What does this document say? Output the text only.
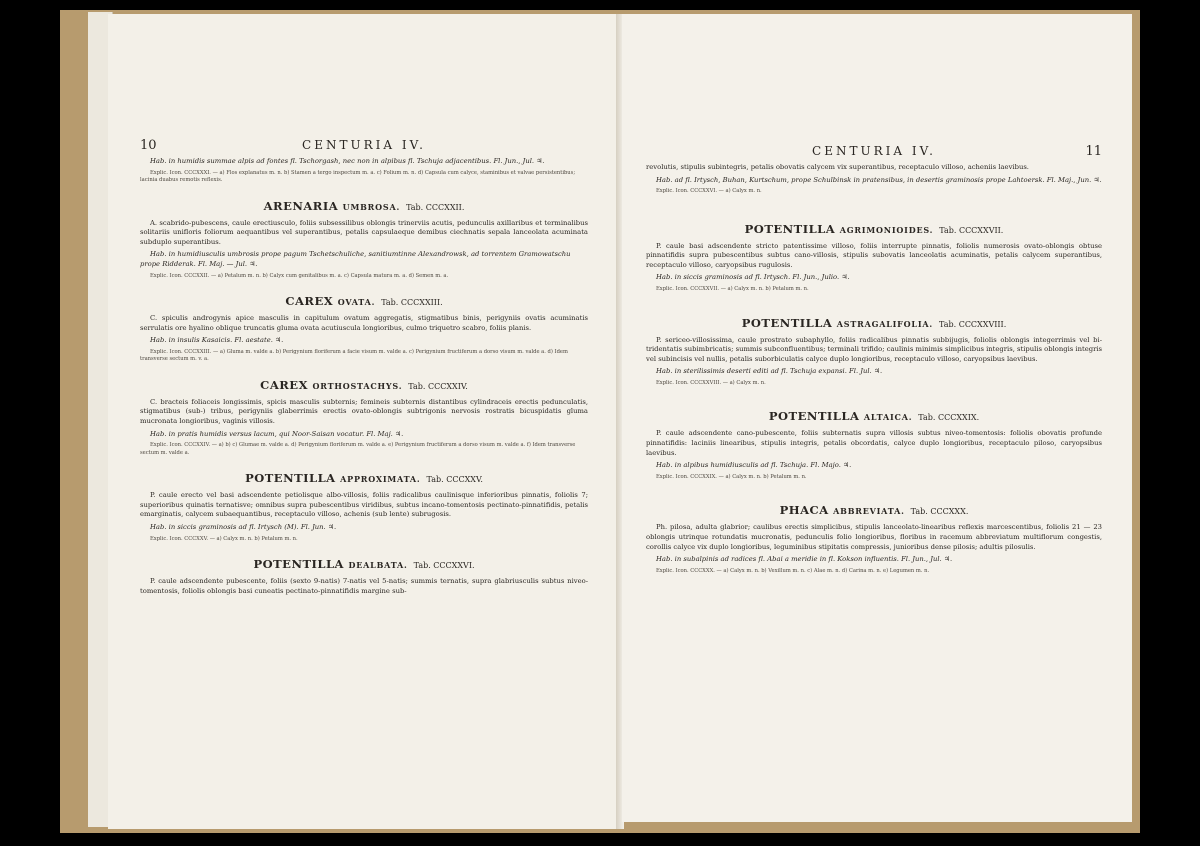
10	CENTURIA IV.

Hab. in humidis summae alpis ad fontes fl. Tschorgash, nec non in alpibus fl. Tschuja adjacentibus. Fl. Jun., Jul. ♃.

Explic. Icon. CCCXXXI. — a) Flos explanatus m. n. b) Stamen a tergo inspectum m. a. c) Folium m. n. d) Capsula cum calyce, staminibus et valvae persistentibus; lacinia duabus remotis reflexis.

ARENARIA UMBROSA. Tab. CCCXXII.

A. scabrido-pubescens, caule erectiusculo, foliis subsessilibus oblongis trinerviis acutis, pedunculis axillaribus et terminalibus solitariis unifloris foliorum aequantibus vel superantibus, petalis capsulaeque demibus ciechnatis sepala lanceolata acuminata subduplo superantibus.

Hab. in humidiusculis umbrosis prope pagum Tschetschuliche, sanitiumtinne Alexandrowsk, ad torrentem Gramowatschu prope Ridderak. Fl. Maj. — Jul. ♃.

Explic. Icon. CCCXXII. — a) Petalum m. n. b) Calyx cum genitalibus m. a. c) Capsula matura m. a. d) Semen m. a.

CAREX OVATA. Tab. CCCXXIII.

C. spiculis androgynis apice masculis in capitulum ovatum aggregatis, stigmatibus binis, perigyniis ovatis acuminatis serrulatis ore hyalino oblique truncatis gluma ovata acutiuscula longioribus, culmo triquetro scabro, foliis planis.

Hab. in insulis Kasaicis. Fl. aestate. ♃.

Explic. Icon. CCCXXIII. — a) Gluma m. valde a. b) Perigynium floriferum a facie visum m. valde a. c) Perigynium fructiferum a dorso visum m. valde a. d) Idem transverse sectum m. v. a.

CAREX ORTHOSTACHYS. Tab. CCCXXIV.

C. bracteis foliaceis longissimis, spicis masculis subternis; femineis subternis distantibus cylindraceis erectis pedunculatis, stigmatibus (sub-) tribus, perigyniis glaberrimis erectis ovato-oblongis subtrigonis nervosis rostratis bicuspidatis gluma mucronata longioribus, vaginis villosis.

Hab. in pratis humidis versus lacum, qui Noor-Saisan vocatur. Fl. Maj. ♃.

Explic. Icon. CCCXXIV. — a) b) c) Glumae m. valde a. d) Perigynium floriferum m. valde a. e) Perigynium fructiferum a dorso visum m. valde a. f) Idem transverse sectum m. valde a.

POTENTILLA APPROXIMATA. Tab. CCCXXV.

P. caule erecto vel basi adscendente petiolisque albo-villosis, foliis radicalibus caulinisque inferioribus pinnatis, foliolis 7; superioribus quinatis ternatisve; omnibus supra pubescentibus viridibus, subtus incano-tomentosis pectinato-pinnatifidis, petalis emarginatis, calycem subaequantibus, receptaculo villoso, achenis (sub lente) subrugosis.

Hab. in siccis graminosis ad fl. Irtysch (M). Fl. Jun. ♃.

Explic. Icon. CCCXXV. — a) Calyx m. n. b) Petalum m. n.

POTENTILLA DEALBATA. Tab. CCCXXVI.

P. caule adscendente pubescente, foliis (sexto 9-natis) 7-natis vel 5-natis; summis ternatis, supra glabriusculis subtus niveo-tomentosis, foliolis oblongis basi cuneatis pectinato-pinnatifidis margine sub-

CENTURIA IV.	11

revolutis, stipulis subintegris, petalis obovatis calycem vix superantibus, receptaculo villoso, acheniis laevibus.

Hab. ad fl. Irtysch, Buhan, Kurtschum, prope Schulbinsk in pratensibus, in desertis graminosis prope Lahtoersk. Fl. Maj., Jun. ♃.

Explic. Icon. CCCXXVI. — a) Calyx m. n.

POTENTILLA AGRIMONIOIDES. Tab. CCCXXVII.

P. caule basi adscendente stricto patentissime villoso, foliis interrupte pinnatis, foliolis numerosis ovato-oblongis obtuse pinnatifidis supra pubescentibus subtus cano-villosis, stipulis subovatis lanceolatis acuminatis, petalis calycem superantibus, receptaculo villoso, caryopsibus rugulosis.

Hab. in siccis graminosis ad fl. Irtysch. Fl. Jun., Julio. ♃.

Explic. Icon. CCCXXVII. — a) Calyx m. n. b) Petalum m. n.

POTENTILLA ASTRAGALIFOLIA. Tab. CCCXXVIII.

P. sericeo-villosissima, caule prostrato subaphyllo, foliis radicalibus pinnatis subbijugis, foliolis oblongis integerrimis vel bi-tridentatis subimbricatis; summis subconfluentibus; terminali trifido; caulinis minimis simplicibus integris, stipulis oblongis integris vel subincisis vel nullis, petalis suborbiculatis calyce duplo longioribus, receptaculo villoso, caryopsibus laevibus.

Hab. in sterilissimis deserti editi ad fl. Tschuja expansi. Fl. Jul. ♃.

Explic. Icon. CCCXXVIII. — a) Calyx m. n.

POTENTILLA ALTAICA. Tab. CCCXXIX.

P. caule adscendente cano-pubescente, foliis subternatis supra villosis subtus niveo-tomentosis: foliolis obovatis profunde pinnatifidis: laciniis linearibus, stipulis integris, petalis obcordatis, calyce duplo longioribus, receptaculo piloso, caryopsibus laevibus.

Hab. in alpibus humidiusculis ad fl. Tschuja. Fl. Majo. ♃.

Explic. Icon. CCCXXIX. — a) Calyx m. n. b) Petalum m. n.

PHACA ABBREVIATA. Tab. CCCXXX.

Ph. pilosa, adulta glabrior; caulibus erectis simplicibus, stipulis lanceolato-linearibus reflexis marcescentibus, foliolis 21 — 23 oblongis utrinque rotundatis mucronatis, pedunculis folio longioribus, floribus in racemum abbreviatum multiflorum congestis, corollis calyce vix duplo longioribus, leguminibus stipitatis compressis, junioribus dense pilosis; adultis pilosulis.

Hab. in subalpinis ad radices fl. Abai a meridie in fl. Kokson influentis. Fl. Jun., Jul. ♃.

Explic. Icon. CCCXXX. — a) Calyx m. n. b) Vexillum m. n. c) Alae m. n. d) Carina m. n. e) Legumen m. n.
